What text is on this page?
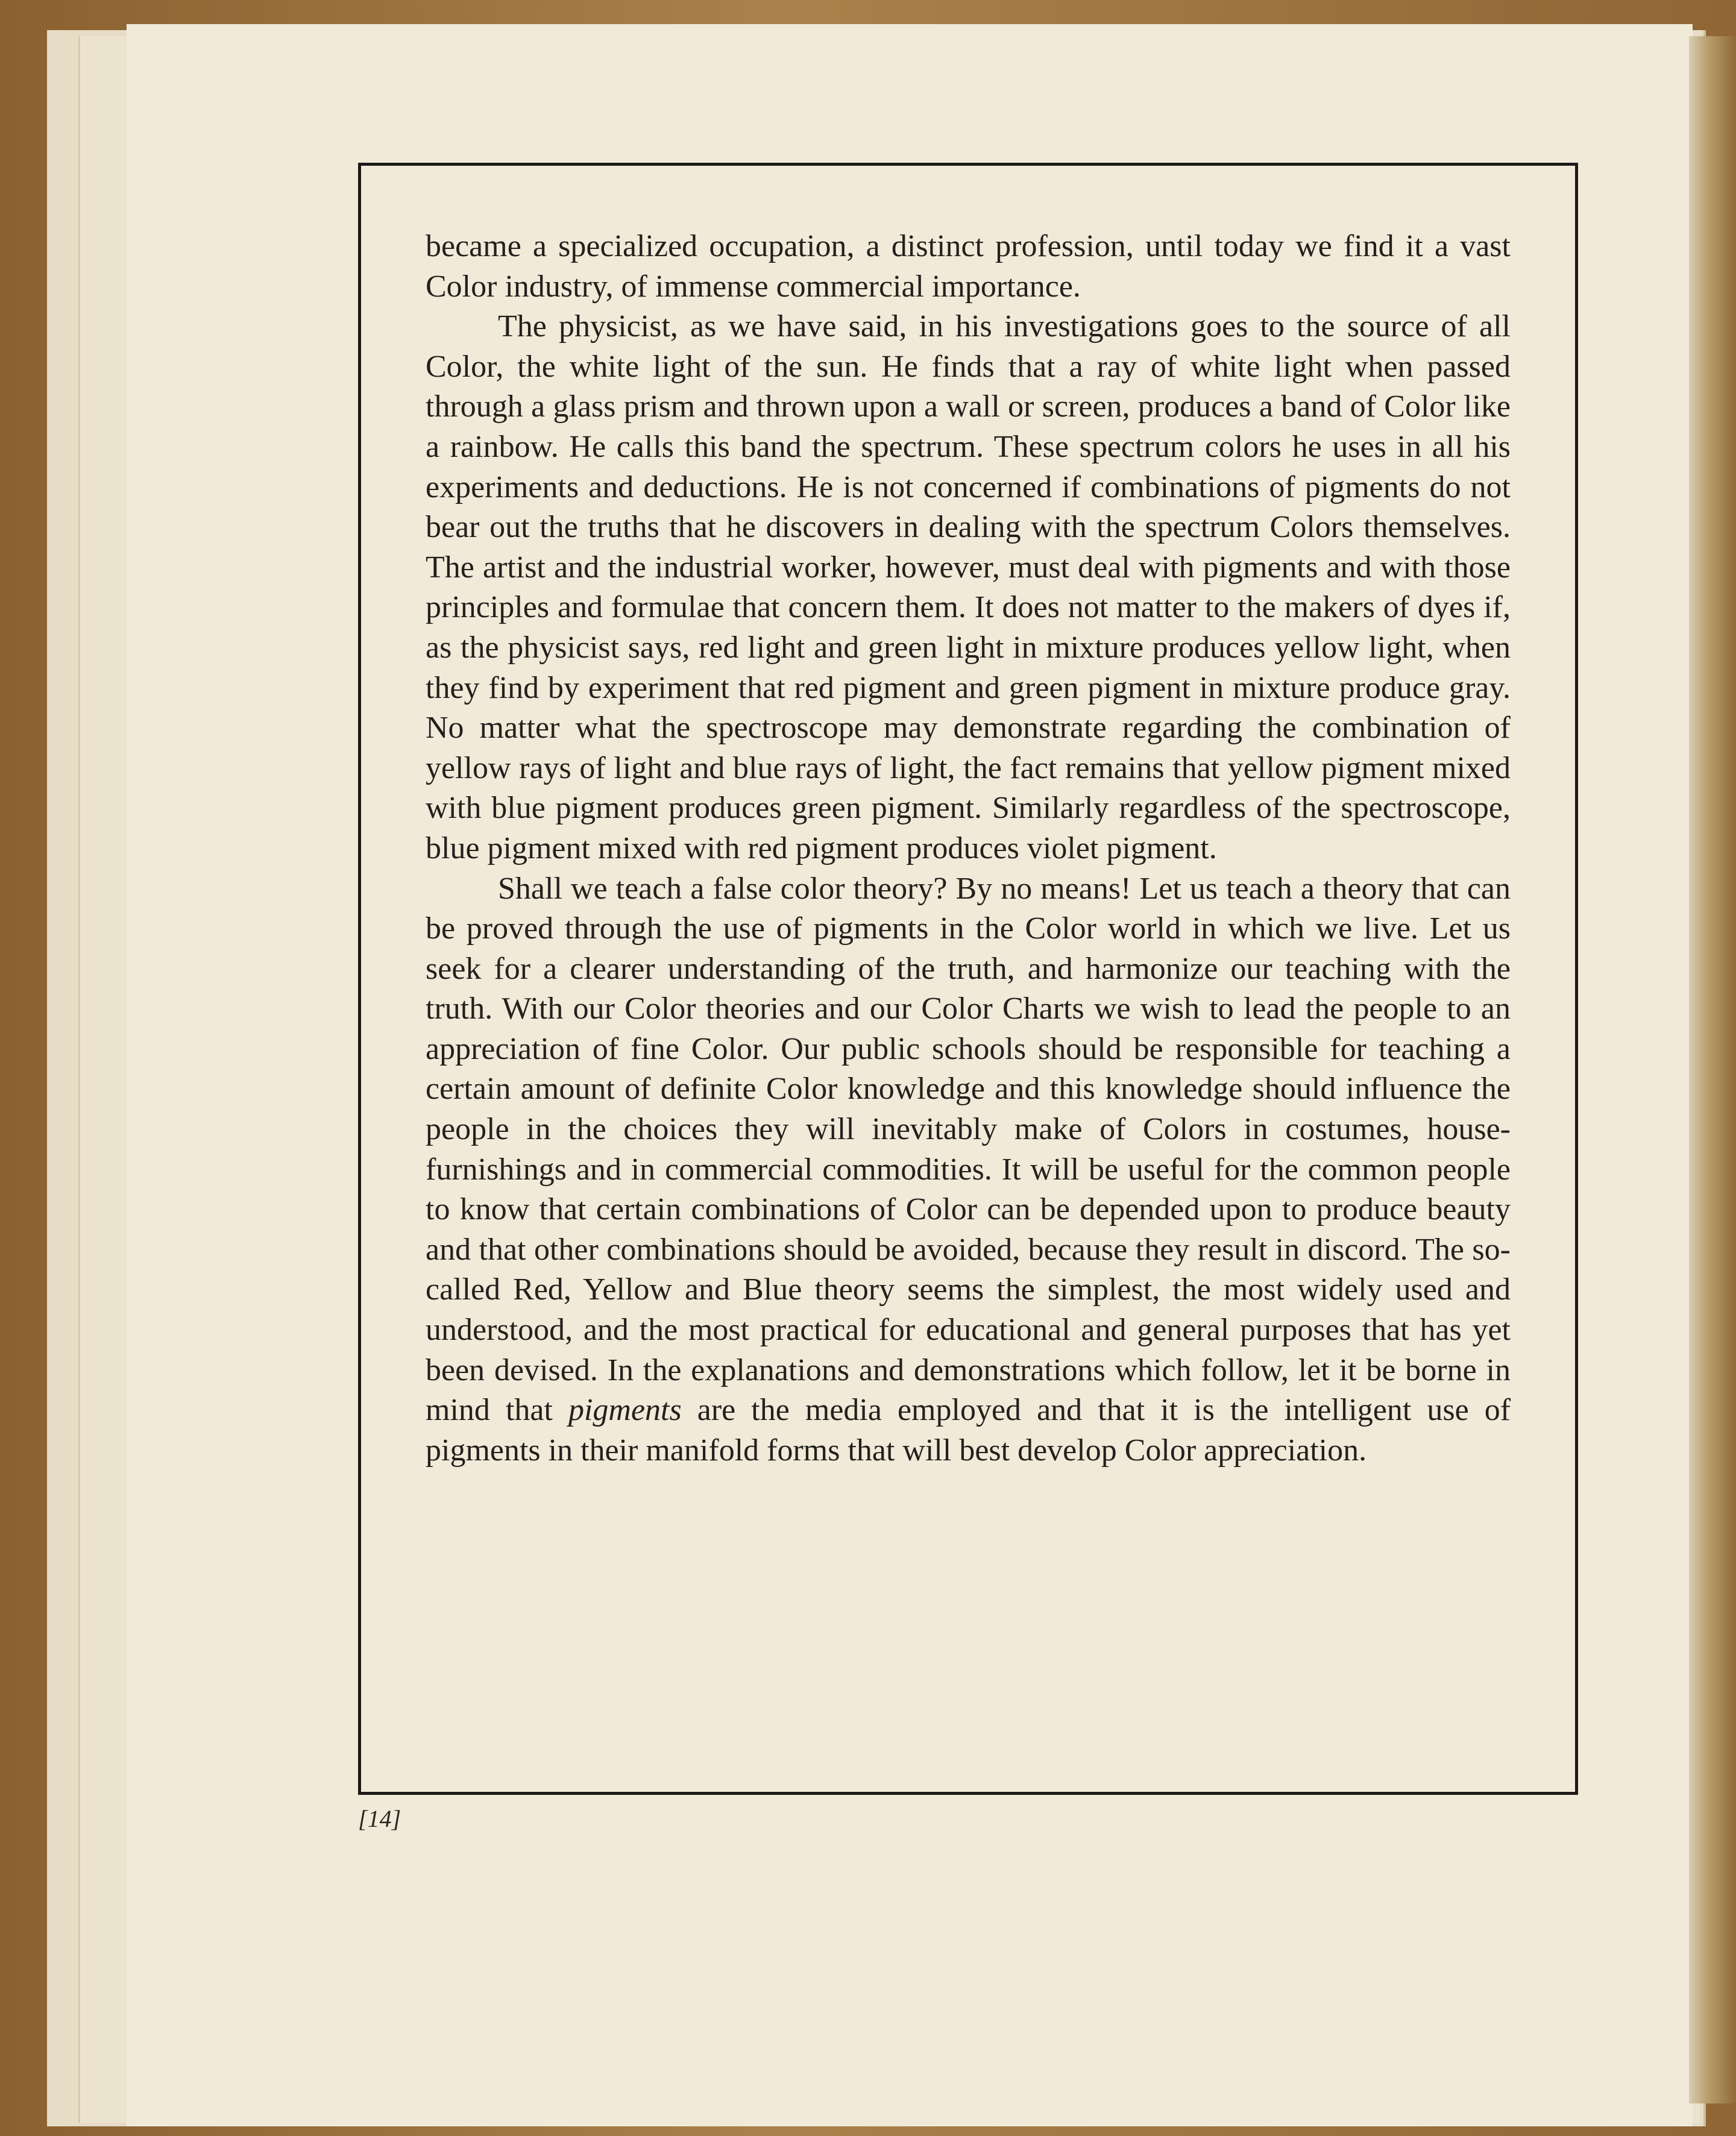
became a specialized occupation, a distinct profession, until today we find it a vast Color industry, of immense commercial importance.

The physicist, as we have said, in his investigations goes to the source of all Color, the white light of the sun. He finds that a ray of white light when passed through a glass prism and thrown upon a wall or screen, produces a band of Color like a rainbow. He calls this band the spectrum. These spectrum colors he uses in all his experiments and deductions. He is not concerned if combinations of pigments do not bear out the truths that he discovers in dealing with the spectrum Colors themselves. The artist and the industrial worker, however, must deal with pigments and with those principles and formulae that concern them. It does not matter to the makers of dyes if, as the physicist says, red light and green light in mixture produces yellow light, when they find by experiment that red pigment and green pigment in mixture produce gray. No matter what the spectroscope may demonstrate regarding the combination of yellow rays of light and blue rays of light, the fact remains that yellow pigment mixed with blue pigment produces green pigment. Similarly regardless of the spectroscope, blue pigment mixed with red pigment produces violet pigment.

Shall we teach a false color theory? By no means! Let us teach a theory that can be proved through the use of pigments in the Color world in which we live. Let us seek for a clearer understanding of the truth, and harmonize our teaching with the truth. With our Color theories and our Color Charts we wish to lead the people to an appreciation of fine Color. Our public schools should be responsible for teaching a certain amount of definite Color knowledge and this knowledge should influence the people in the choices they will inevitably make of Colors in costumes, house-furnishings and in commercial commodities. It will be useful for the common people to know that certain combinations of Color can be depended upon to produce beauty and that other combinations should be avoided, because they result in discord. The so-called Red, Yellow and Blue theory seems the simplest, the most widely used and understood, and the most practical for educational and general purposes that has yet been devised. In the explanations and demonstrations which follow, let it be borne in mind that pigments are the media employed and that it is the intelligent use of pigments in their manifold forms that will best develop Color appreciation.

[14]
